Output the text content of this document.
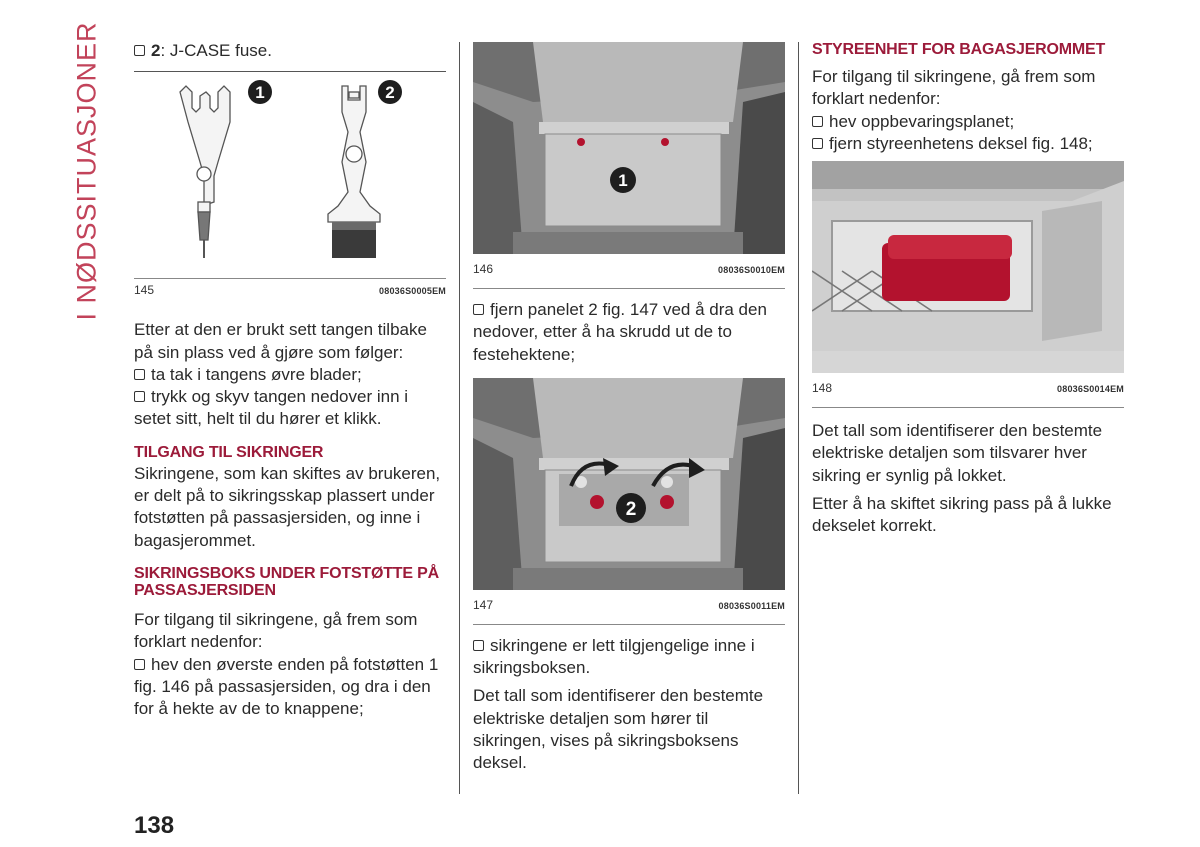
I NØDSSITUASJONER	2: J-CASE fuse.

1	2
145	08036S0005EM

Etter at den er brukt sett tangen tilbake på sin plass ved å gjøre som følger:

ta tak i tangens øvre blader;

trykk og skyv tangen nedover inn i setet sitt, helt til du hører et klikk.

TILGANG TIL SIKRINGER

Sikringene, som kan skiftes av brukeren, er delt på to sikringsskap plassert under fotstøtten på passasjersiden, og inne i bagasjerommet.

SIKRINGSBOKS UNDER FOTSTØTTE PÅ PASSASJERSIDEN

For tilgang til sikringene, gå frem som forklart nedenfor:

hev den øverste enden på fotstøtten 1 fig. 146 på passasjersiden, og dra i den for å hekte av de to knappene;

1
146	08036S0010EM

fjern panelet 2 fig. 147 ved å dra den nedover, etter å ha skrudd ut de to festehektene;

2
147	08036S0011EM

sikringene er lett tilgjengelige inne i sikringsboksen.

Det tall som identifiserer den bestemte elektriske detaljen som hører til sikringen, vises på sikringsboksens deksel.

STYREENHET FOR BAGASJEROMMET

For tilgang til sikringene, gå frem som forklart nedenfor:

hev oppbevaringsplanet;

fjern styreenhetens deksel fig. 148;

148	08036S0014EM

Det tall som identifiserer den bestemte elektriske detaljen som tilsvarer hver sikring er synlig på lokket.

Etter å ha skiftet sikring pass på å lukke dekselet korrekt.

138
